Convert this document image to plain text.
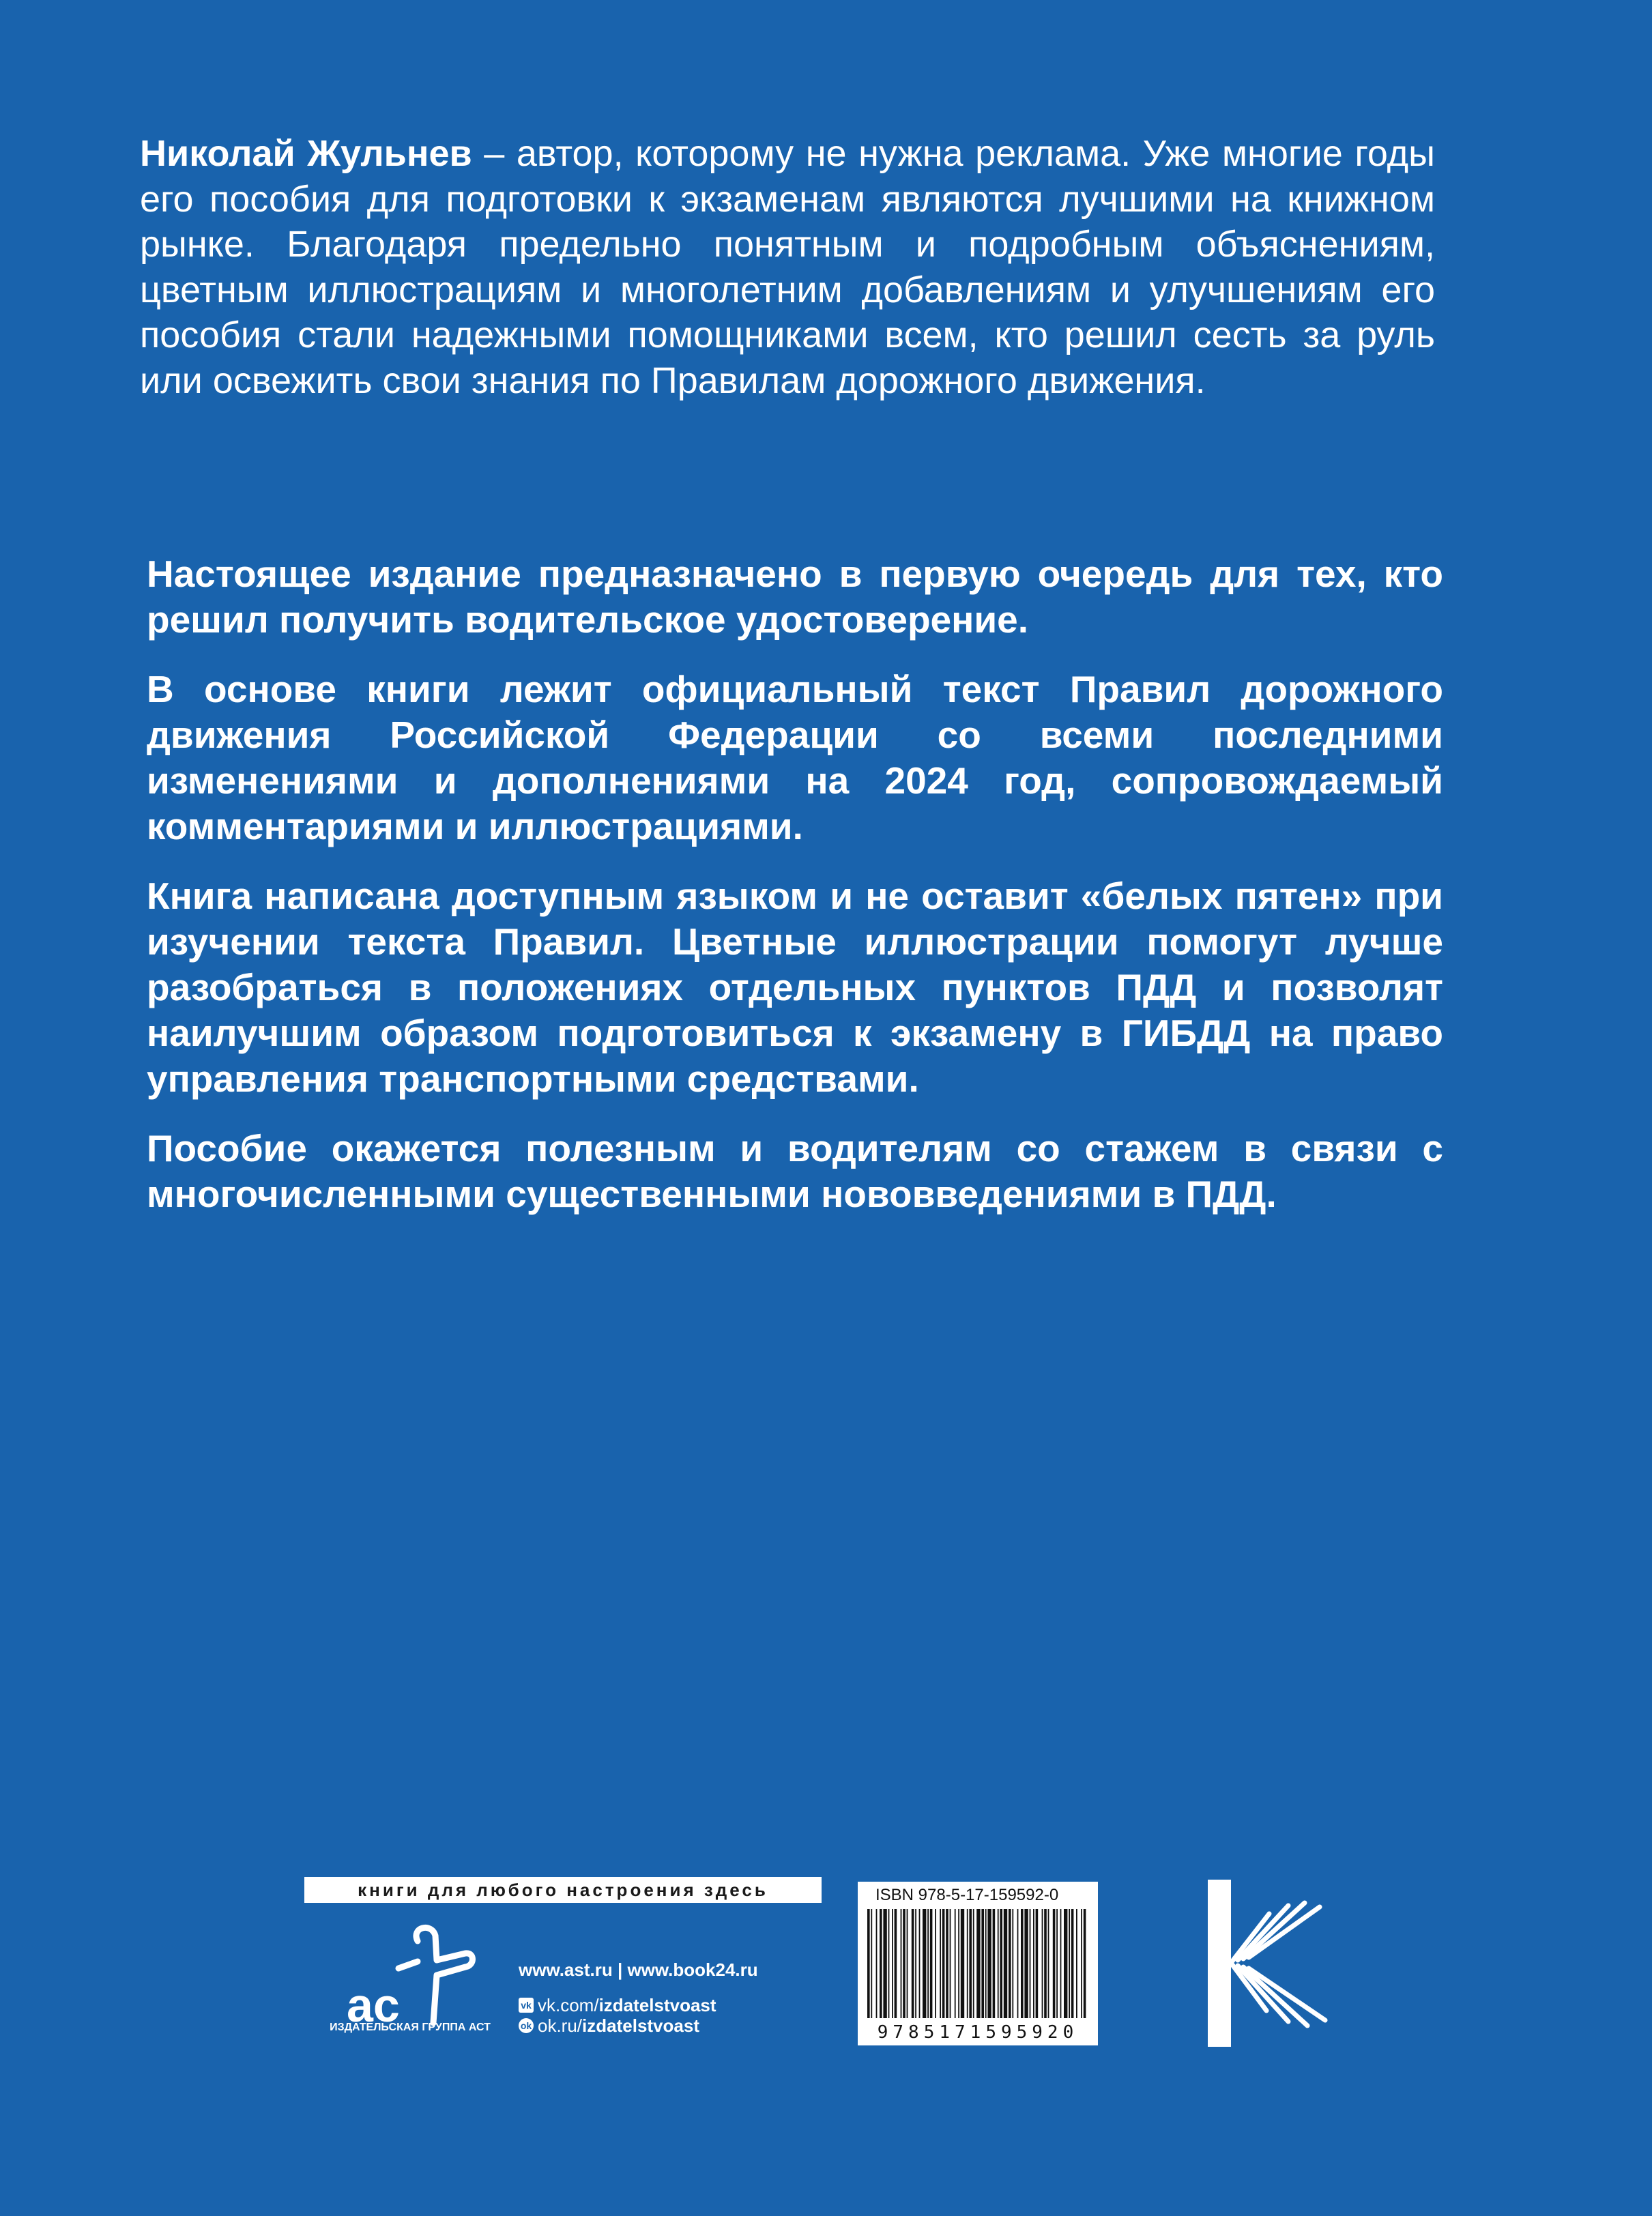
Николай Жульнев – автор, которому не нужна реклама. Уже многие годы его пособия для подготовки к экзаменам являются лучшими на книжном рынке. Благодаря предельно понятным и подробным объяснениям, цветным иллюстрациям и многолетним добавлениям и улучшениям его пособия стали надежными помощниками всем, кто решил сесть за руль или освежить свои знания по Правилам дорожного движения.

Настоящее издание предназначено в первую очередь для тех, кто решил получить водительское удостоверение.

В основе книги лежит официальный текст Правил дорожного движения Российской Федерации со всеми последними изменениями и дополнениями на 2024 год, сопровождаемый комментариями и иллюстрациями.

Книга написана доступным языком и не оставит «белых пятен» при изучении текста Правил. Цветные иллюстрации помогут лучше разобраться в положениях отдельных пунктов ПДД и позволят наилучшим образом подготовиться к экзамену в ГИБДД на право управления транспортными средствами.

Пособие окажется полезным и водителям со стажем в связи с многочисленными существенными нововведениями в ПДД.

книги для любого настроения здесь
ас
ИЗДАТЕЛЬСКАЯ ГРУППА АСТ
www.ast.ru | www.book24.ru
vk vk.com/ izdatelstvoast
ok ok.ru/ izdatelstvoast
ISBN 978-5-17-159592-0
9785171595920
